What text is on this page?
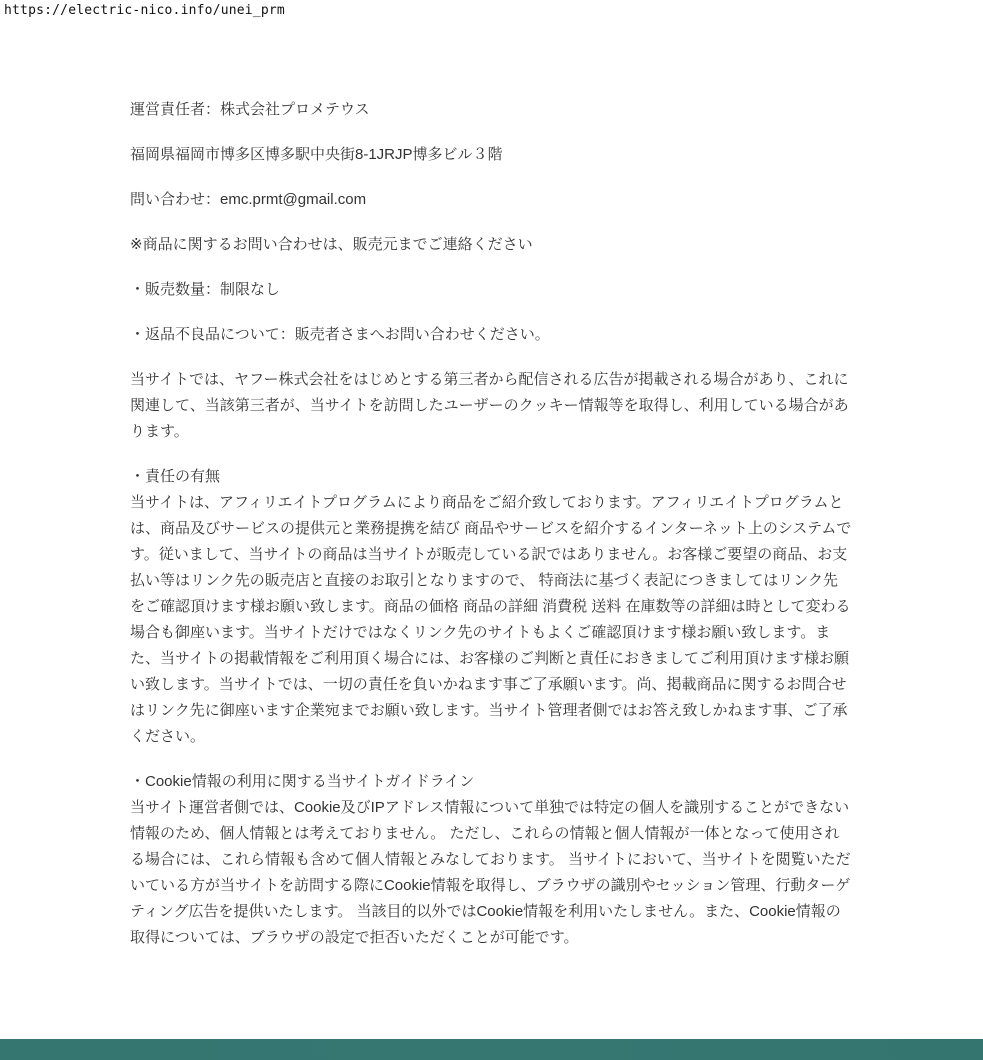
https://electric-nico.info/unei_prm

運営責任者：株式会社プロメテウス

福岡県福岡市博多区博多駅中央街8-1JRJP博多ビル３階

問い合わせ：emc.prmt@gmail.com

※商品に関するお問い合わせは、販売元までご連絡ください

・販売数量：制限なし

・返品不良品について：販売者さまへお問い合わせください。

当サイトでは、ヤフー株式会社をはじめとする第三者から配信される広告が掲載される場合があり、これに関連して、当該第三者が、当サイトを訪問したユーザーのクッキー情報等を取得し、利用している場合があります。

・責任の有無
当サイトは、アフィリエイトプログラムにより商品をご紹介致しております。アフィリエイトプログラムとは、商品及びサービスの提供元と業務提携を結び 商品やサービスを紹介するインターネット上のシステムです。従いまして、当サイトの商品は当サイトが販売している訳ではありません。お客様ご要望の商品、お支払い等はリンク先の販売店と直接のお取引となりますので、 特商法に基づく表記につきましてはリンク先をご確認頂けます様お願い致します。商品の価格 商品の詳細 消費税 送料 在庫数等の詳細は時として変わる場合も御座います。当サイトだけではなくリンク先のサイトもよくご確認頂けます様お願い致します。また、当サイトの掲載情報をご利用頂く場合には、お客様のご判断と責任におきましてご利用頂けます様お願い致します。当サイトでは、一切の責任を負いかねます事ご了承願います。尚、掲載商品に関するお問合せはリンク先に御座います企業宛までお願い致します。当サイト管理者側ではお答え致しかねます事、ご了承ください。

・Cookie情報の利用に関する当サイトガイドライン
当サイト運営者側では、Cookie及びIPアドレス情報について単独では特定の個人を識別することができない情報のため、個人情報とは考えておりません。 ただし、これらの情報と個人情報が一体となって使用される場合には、これら情報も含めて個人情報とみなしております。 当サイトにおいて、当サイトを閲覧いただいている方が当サイトを訪問する際にCookie情報を取得し、ブラウザの識別やセッション管理、行動ターゲティング広告を提供いたします。 当該目的以外ではCookie情報を利用いたしません。また、Cookie情報の取得については、ブラウザの設定で拒否いただくことが可能です。
